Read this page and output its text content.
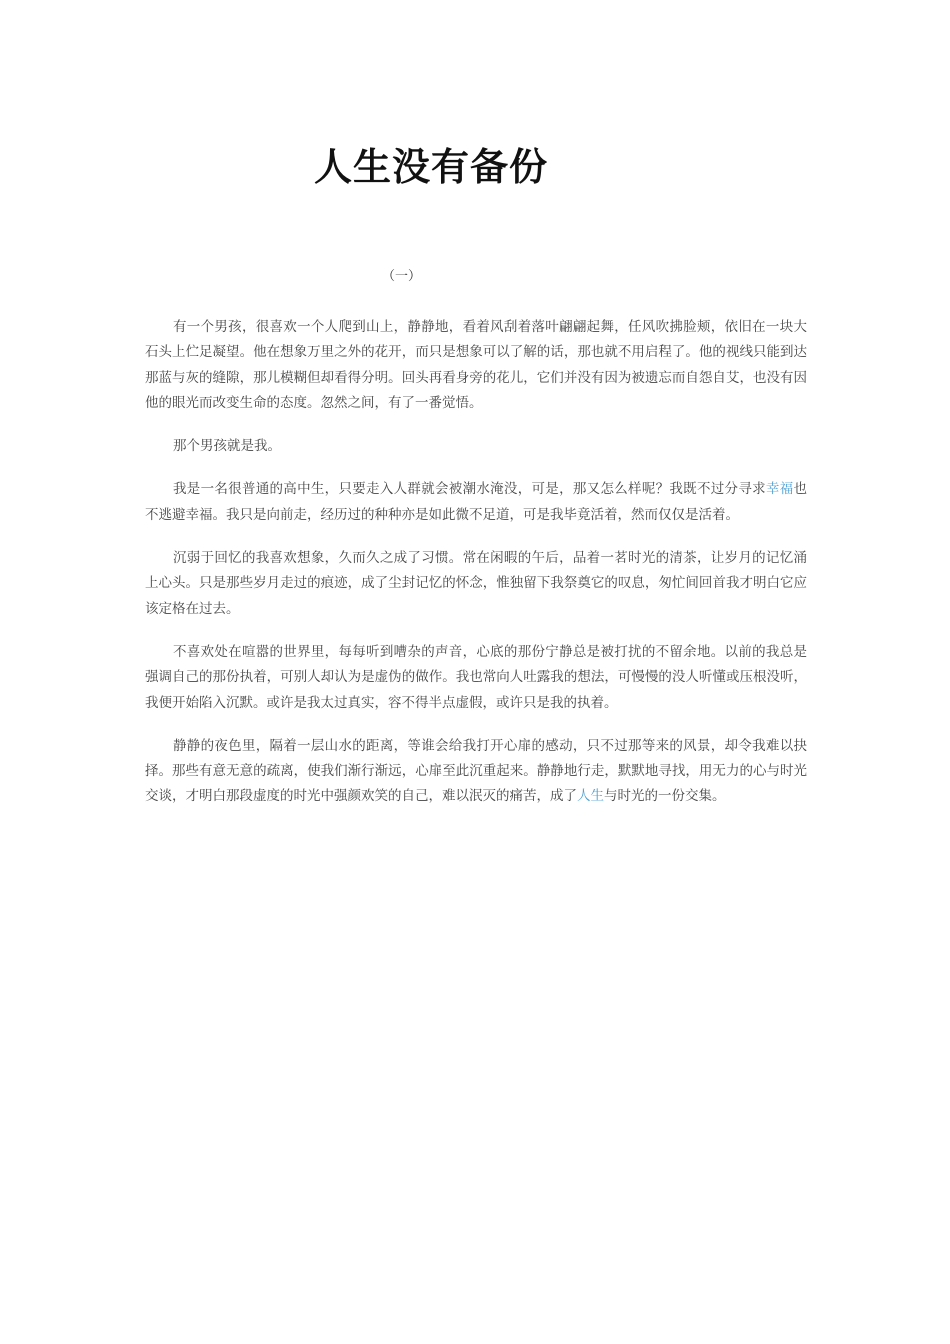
人生没有备份
（一）

有一个男孩，很喜欢一个人爬到山上，静静地，看着风刮着落叶翩翩起舞，任风吹拂脸颊，依旧在一块大石头上伫足凝望。他在想象万里之外的花开，而只是想象可以了解的话，那也就不用启程了。他的视线只能到达那蓝与灰的缝隙，那儿模糊但却看得分明。回头再看身旁的花儿，它们并没有因为被遗忘而自怨自艾，也没有因他的眼光而改变生命的态度。忽然之间，有了一番觉悟。

那个男孩就是我。

我是一名很普通的高中生，只要走入人群就会被潮水淹没，可是，那又怎么样呢？我既不过分寻求幸福也不逃避幸福。我只是向前走，经历过的种种亦是如此微不足道，可是我毕竟活着，然而仅仅是活着。

沉弱于回忆的我喜欢想象，久而久之成了习惯。常在闲暇的午后，品着一茗时光的清茶，让岁月的记忆涌上心头。只是那些岁月走过的痕迹，成了尘封记忆的怀念，惟独留下我祭奠它的叹息，匆忙间回首我才明白它应该定格在过去。

不喜欢处在喧嚣的世界里，每每听到嘈杂的声音，心底的那份宁静总是被打扰的不留余地。以前的我总是强调自己的那份执着，可别人却认为是虚伪的做作。我也常向人吐露我的想法，可慢慢的没人听懂或压根没听，我便开始陷入沉默。或许是我太过真实，容不得半点虚假，或许只是我的执着。

静静的夜色里，隔着一层山水的距离，等谁会给我打开心扉的感动，只不过那等来的风景，却令我难以抉择。那些有意无意的疏离，使我们渐行渐远，心扉至此沉重起来。静静地行走，默默地寻找，用无力的心与时光交谈，才明白那段虚度的时光中强颜欢笑的自己，难以泯灭的痛苦，成了人生与时光的一份交集。
